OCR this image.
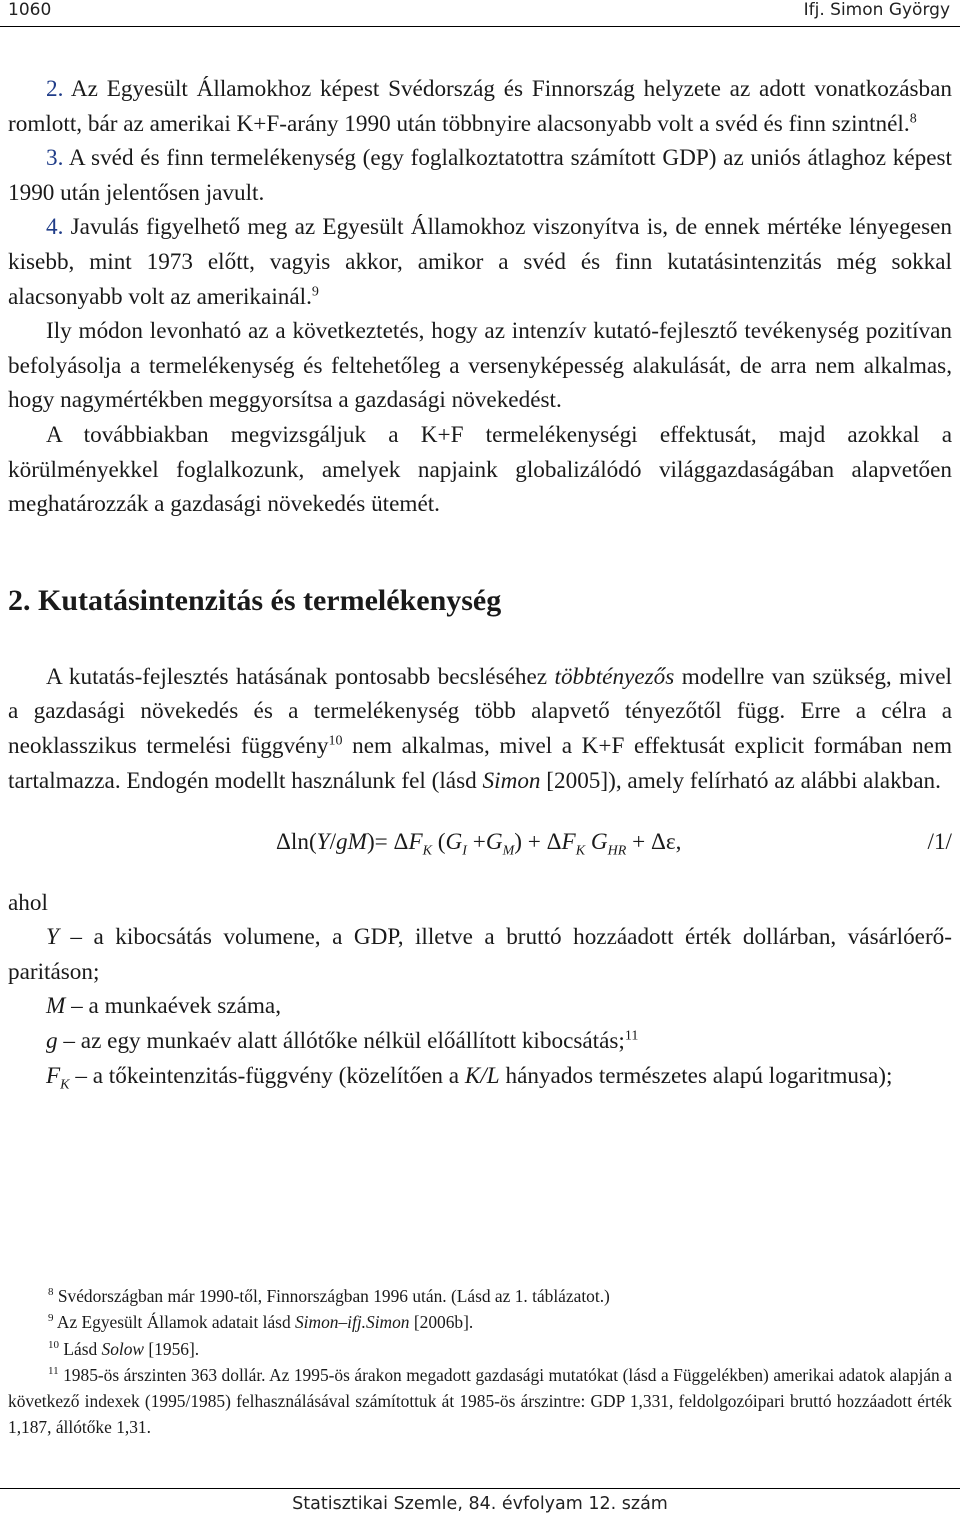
1060	Ifj. Simon György

2. Az Egyesült Államokhoz képest Svédország és Finnország helyzete az adott vonatkozásban romlott, bár az amerikai K+F-arány 1990 után többnyire alacsonyabb volt a svéd és finn szintnél.$^8$

3. A svéd és finn termelékenység (egy foglalkoztatottra számított GDP) az uniós átlaghoz képest 1990 után jelentősen javult.

4. Javulás figyelhető meg az Egyesült Államokhoz viszonyítva is, de ennek mértéke lényegesen kisebb, mint 1973 előtt, vagyis akkor, amikor a svéd és finn kutatásintenzitás még sokkal alacsonyabb volt az amerikainál.$^9$

Ily módon levonható az a következtetés, hogy az intenzív kutató-fejlesztő tevékenység pozitívan befolyásolja a termelékenység és feltehetőleg a versenyképesség alakulását, de arra nem alkalmas, hogy nagymértékben meggyorsítsa a gazdasági növekedést.

A továbbiakban megvizsgáljuk a K+F termelékenységi effektusát, majd azokkal a körülményekkel foglalkozunk, amelyek napjaink globalizálódó világgazdaságában alapvetően meghatározzák a gazdasági növekedés ütemét.

2. Kutatásintenzitás és termelékenység

A kutatás-fejlesztés hatásának pontosabb becsléséhez többtényezős modellre van szükség, mivel a gazdasági növekedés és a termelékenység több alapvető tényezőtől függ. Erre a célra a neoklasszikus termelési függvény$^{10}$ nem alkalmas, mivel a K+F effektusát explicit formában nem tartalmazza. Endogén modellt használunk fel (lásd Simon [2005]), amely felírható az alábbi alakban.

$\Delta\ln(Y/gM)= \Delta F_K$ $(G_I +G_M) + \Delta F_K$ $G_{HR} + \Delta\varepsilon$,	/1/

ahol

Y – a kibocsátás volumene, a GDP, illetve a bruttó hozzáadott érték dollárban, vásárlóerő-paritáson;

M – a munkaévek száma,

g – az egy munkaév alatt állótőke nélkül előállított kibocsátás;$^{11}$

$F_K$ – a tőkeintenzitás-függvény (közelítően a K/L hányados természetes alapú logaritmusa);

$^8$ Svédországban már 1990-től, Finnországban 1996 után. (Lásd az 1. táblázatot.)

$^9$ Az Egyesült Államok adatait lásd Simon–ifj.Simon [2006b].

$^{10}$ Lásd Solow [1956].

$^{11}$ 1985-ös árszinten 363 dollár. Az 1995-ös árakon megadott gazdasági mutatókat (lásd a Függelékben) amerikai adatok alapján a következő indexek (1995/1985) felhasználásával számítottuk át 1985-ös árszintre: GDP 1,331, feldolgozóipari bruttó hozzáadott érték 1,187, állótőke 1,31.

Statisztikai Szemle, 84. évfolyam 12. szám
